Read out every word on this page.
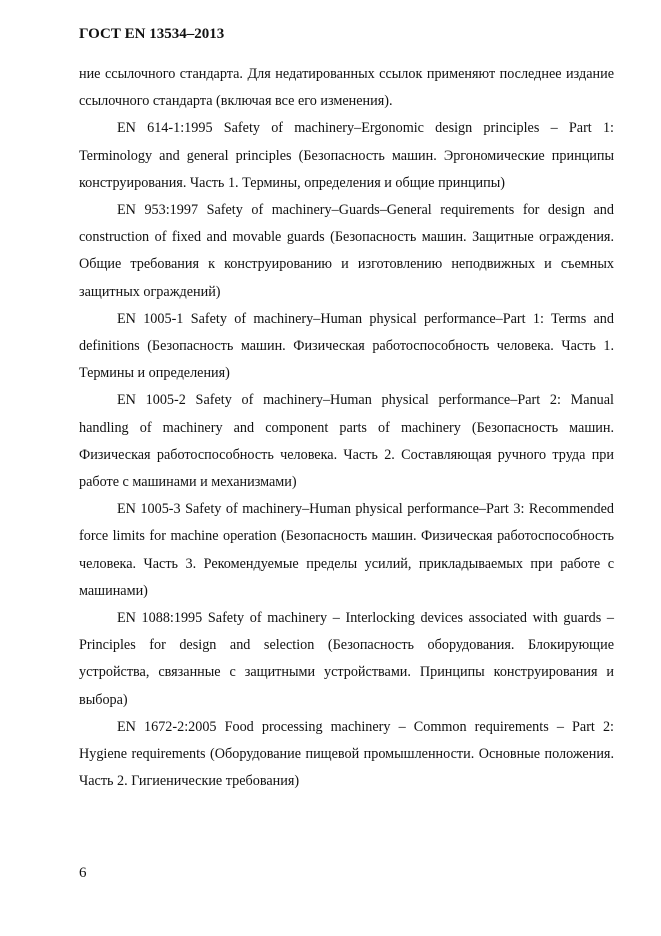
ГОСТ EN 13534–2013

ние ссылочного стандарта. Для недатированных ссылок применяют последнее издание ссылочного стандарта (включая все его изменения).

EN 614-1:1995 Safety of machinery–Ergonomic design principles – Part 1: Terminology and general principles (Безопасность машин. Эргономические принципы конструирования. Часть 1. Термины, определения и общие принципы)

EN 953:1997 Safety of machinery–Guards–General requirements for design and construction of fixed and movable guards (Безопасность машин. Защитные ограждения. Общие требования к конструированию и изготовлению неподвижных и съемных защитных ограждений)

EN 1005-1 Safety of machinery–Human physical performance–Part 1: Terms and definitions (Безопасность машин. Физическая работоспособность человека. Часть 1. Термины и определения)

EN 1005-2 Safety of machinery–Human physical performance–Part 2: Manual handling of machinery and component parts of machinery (Безопасность машин. Физическая работоспособность человека. Часть 2. Составляющая ручного труда при работе с машинами и механизмами)

EN 1005-3 Safety of machinery–Human physical performance–Part 3: Recommended force limits for machine operation (Безопасность машин. Физическая работоспособность человека. Часть 3. Рекомендуемые пределы усилий, прикладываемых при работе с машинами)

EN 1088:1995 Safety of machinery – Interlocking devices associated with guards – Principles for design and selection (Безопасность оборудования. Блокирующие устройства, связанные с защитными устройствами. Принципы конструирования и выбора)

EN 1672-2:2005 Food processing machinery – Common requirements – Part 2: Hygiene requirements (Оборудование пищевой промышленности. Основные положения. Часть 2. Гигиенические требования)

6
